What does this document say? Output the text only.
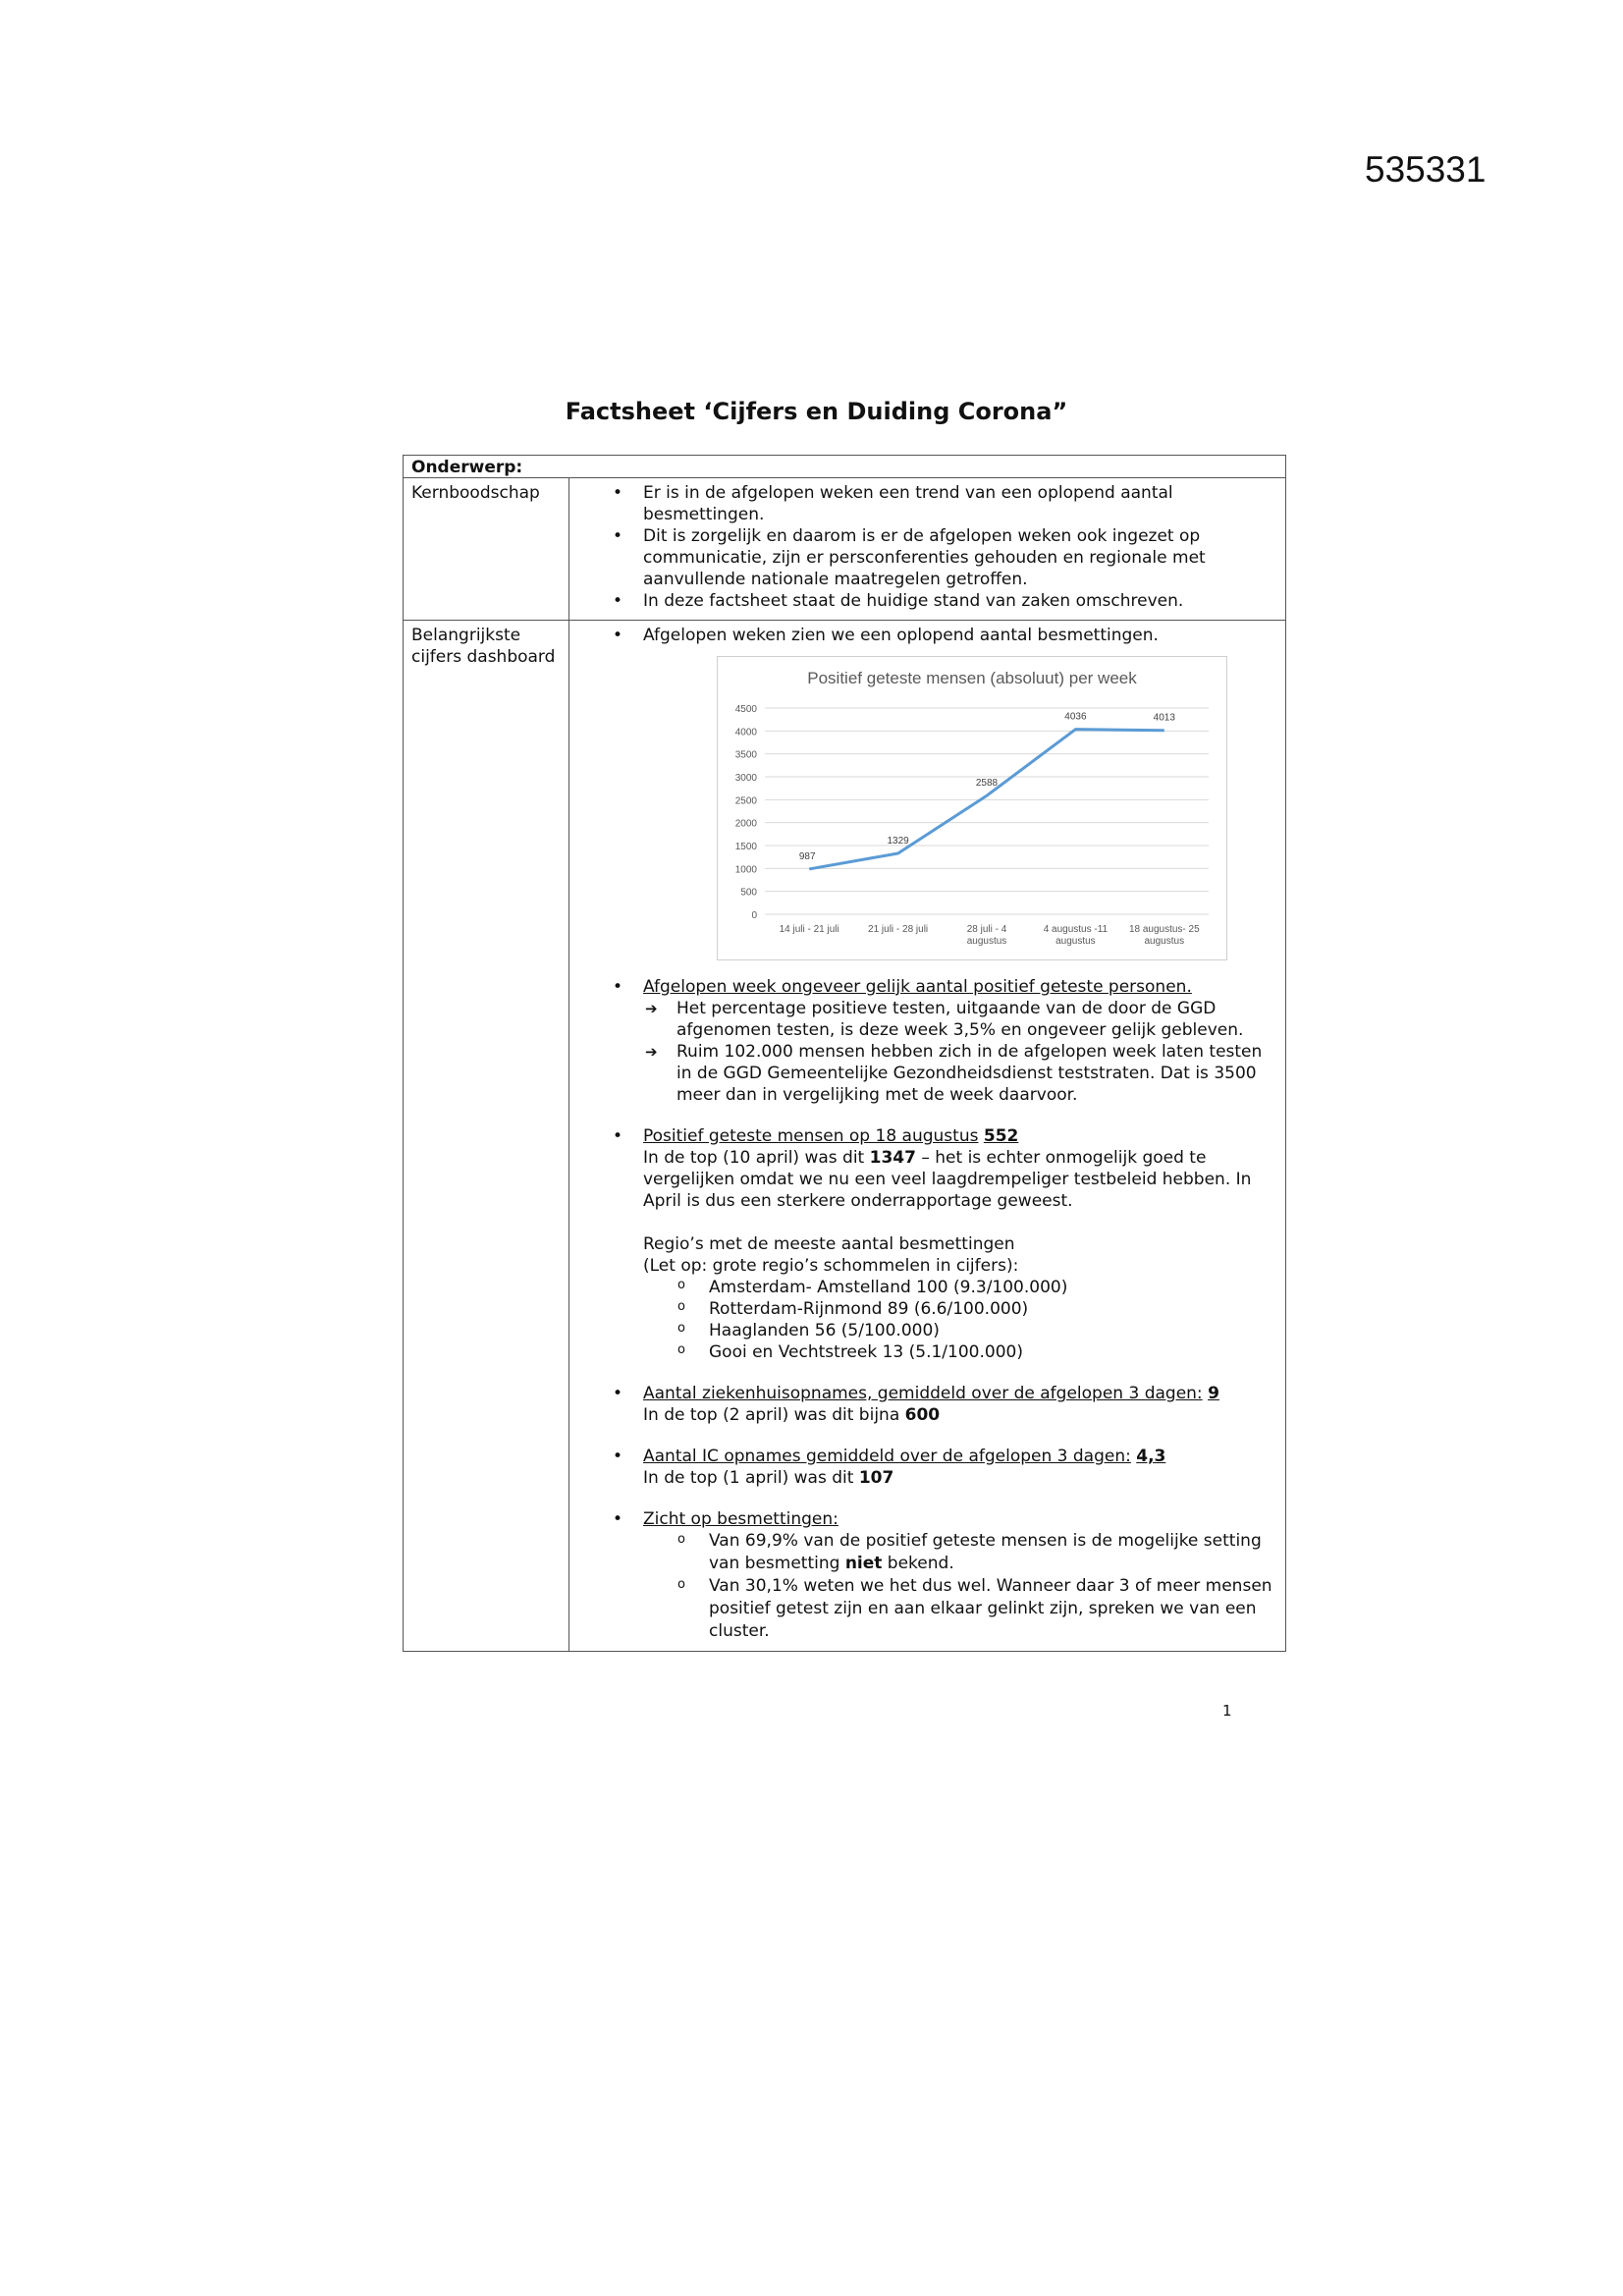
535331
Factsheet ‘Cijfers en Duiding Corona”
Onderwerp:
Kernboodschap
•	Er is in de afgelopen weken een trend van een oplopend aantal besmettingen.
• Dit is zorgelijk en daarom is er de afgelopen weken ook ingezet op communicatie, zijn er persconferenties gehouden en regionale met aanvullende nationale maatregelen getroffen.
• In deze factsheet staat de huidige stand van zaken omschreven.
Belangrijkste cijfers dashboard
• Afgelopen weken zien we een oplopend aantal besmettingen.
Positief geteste mensen (absoluut) per week
0
500
1000
1500
2000
2500
3000
3500
4000
4500
14 juli - 21 juli	21 juli - 28 juli	28 juli - 4
augustus
4 augustus -11
augustus
18 augustus- 25
augustus
987
1329
2588
4036	4013
• Afgelopen week ongeveer gelijk aantal positief geteste personen.
➔ Het percentage positieve testen, uitgaande van de door de GGD afgenomen testen, is deze week 3,5% en ongeveer gelijk gebleven.
➔ Ruim 102.000 mensen hebben zich in de afgelopen week laten testen in de GGD Gemeentelijke Gezondheidsdienst teststraten. Dat is 3500 meer dan in vergelijking met de week daarvoor.
• Positief geteste mensen op 18 augustus 552
In de top (10 april) was dit 1347 – het is echter onmogelijk goed te vergelijken omdat we nu een veel laagdrempeliger testbeleid hebben. In April is dus een sterkere onderrapportage geweest.
Regio’s met de meeste aantal besmettingen
(Let op: grote regio’s schommelen in cijfers):
o Amsterdam- Amstelland 100 (9.3/100.000)
o Rotterdam-Rijnmond 89 (6.6/100.000)
o Haaglanden 56 (5/100.000)
o Gooi en Vechtstreek 13 (5.1/100.000)
• Aantal ziekenhuisopnames, gemiddeld over de afgelopen 3 dagen: 9
In de top (2 april) was dit bijna 600
• Aantal IC opnames gemiddeld over de afgelopen 3 dagen: 4,3
In de top (1 april) was dit 107
• Zicht op besmettingen:
o Van 69,9% van de positief geteste mensen is de mogelijke setting van besmetting niet bekend.
o Van 30,1% weten we het dus wel. Wanneer daar 3 of meer mensen positief getest zijn en aan elkaar gelinkt zijn, spreken we van een cluster.
1
